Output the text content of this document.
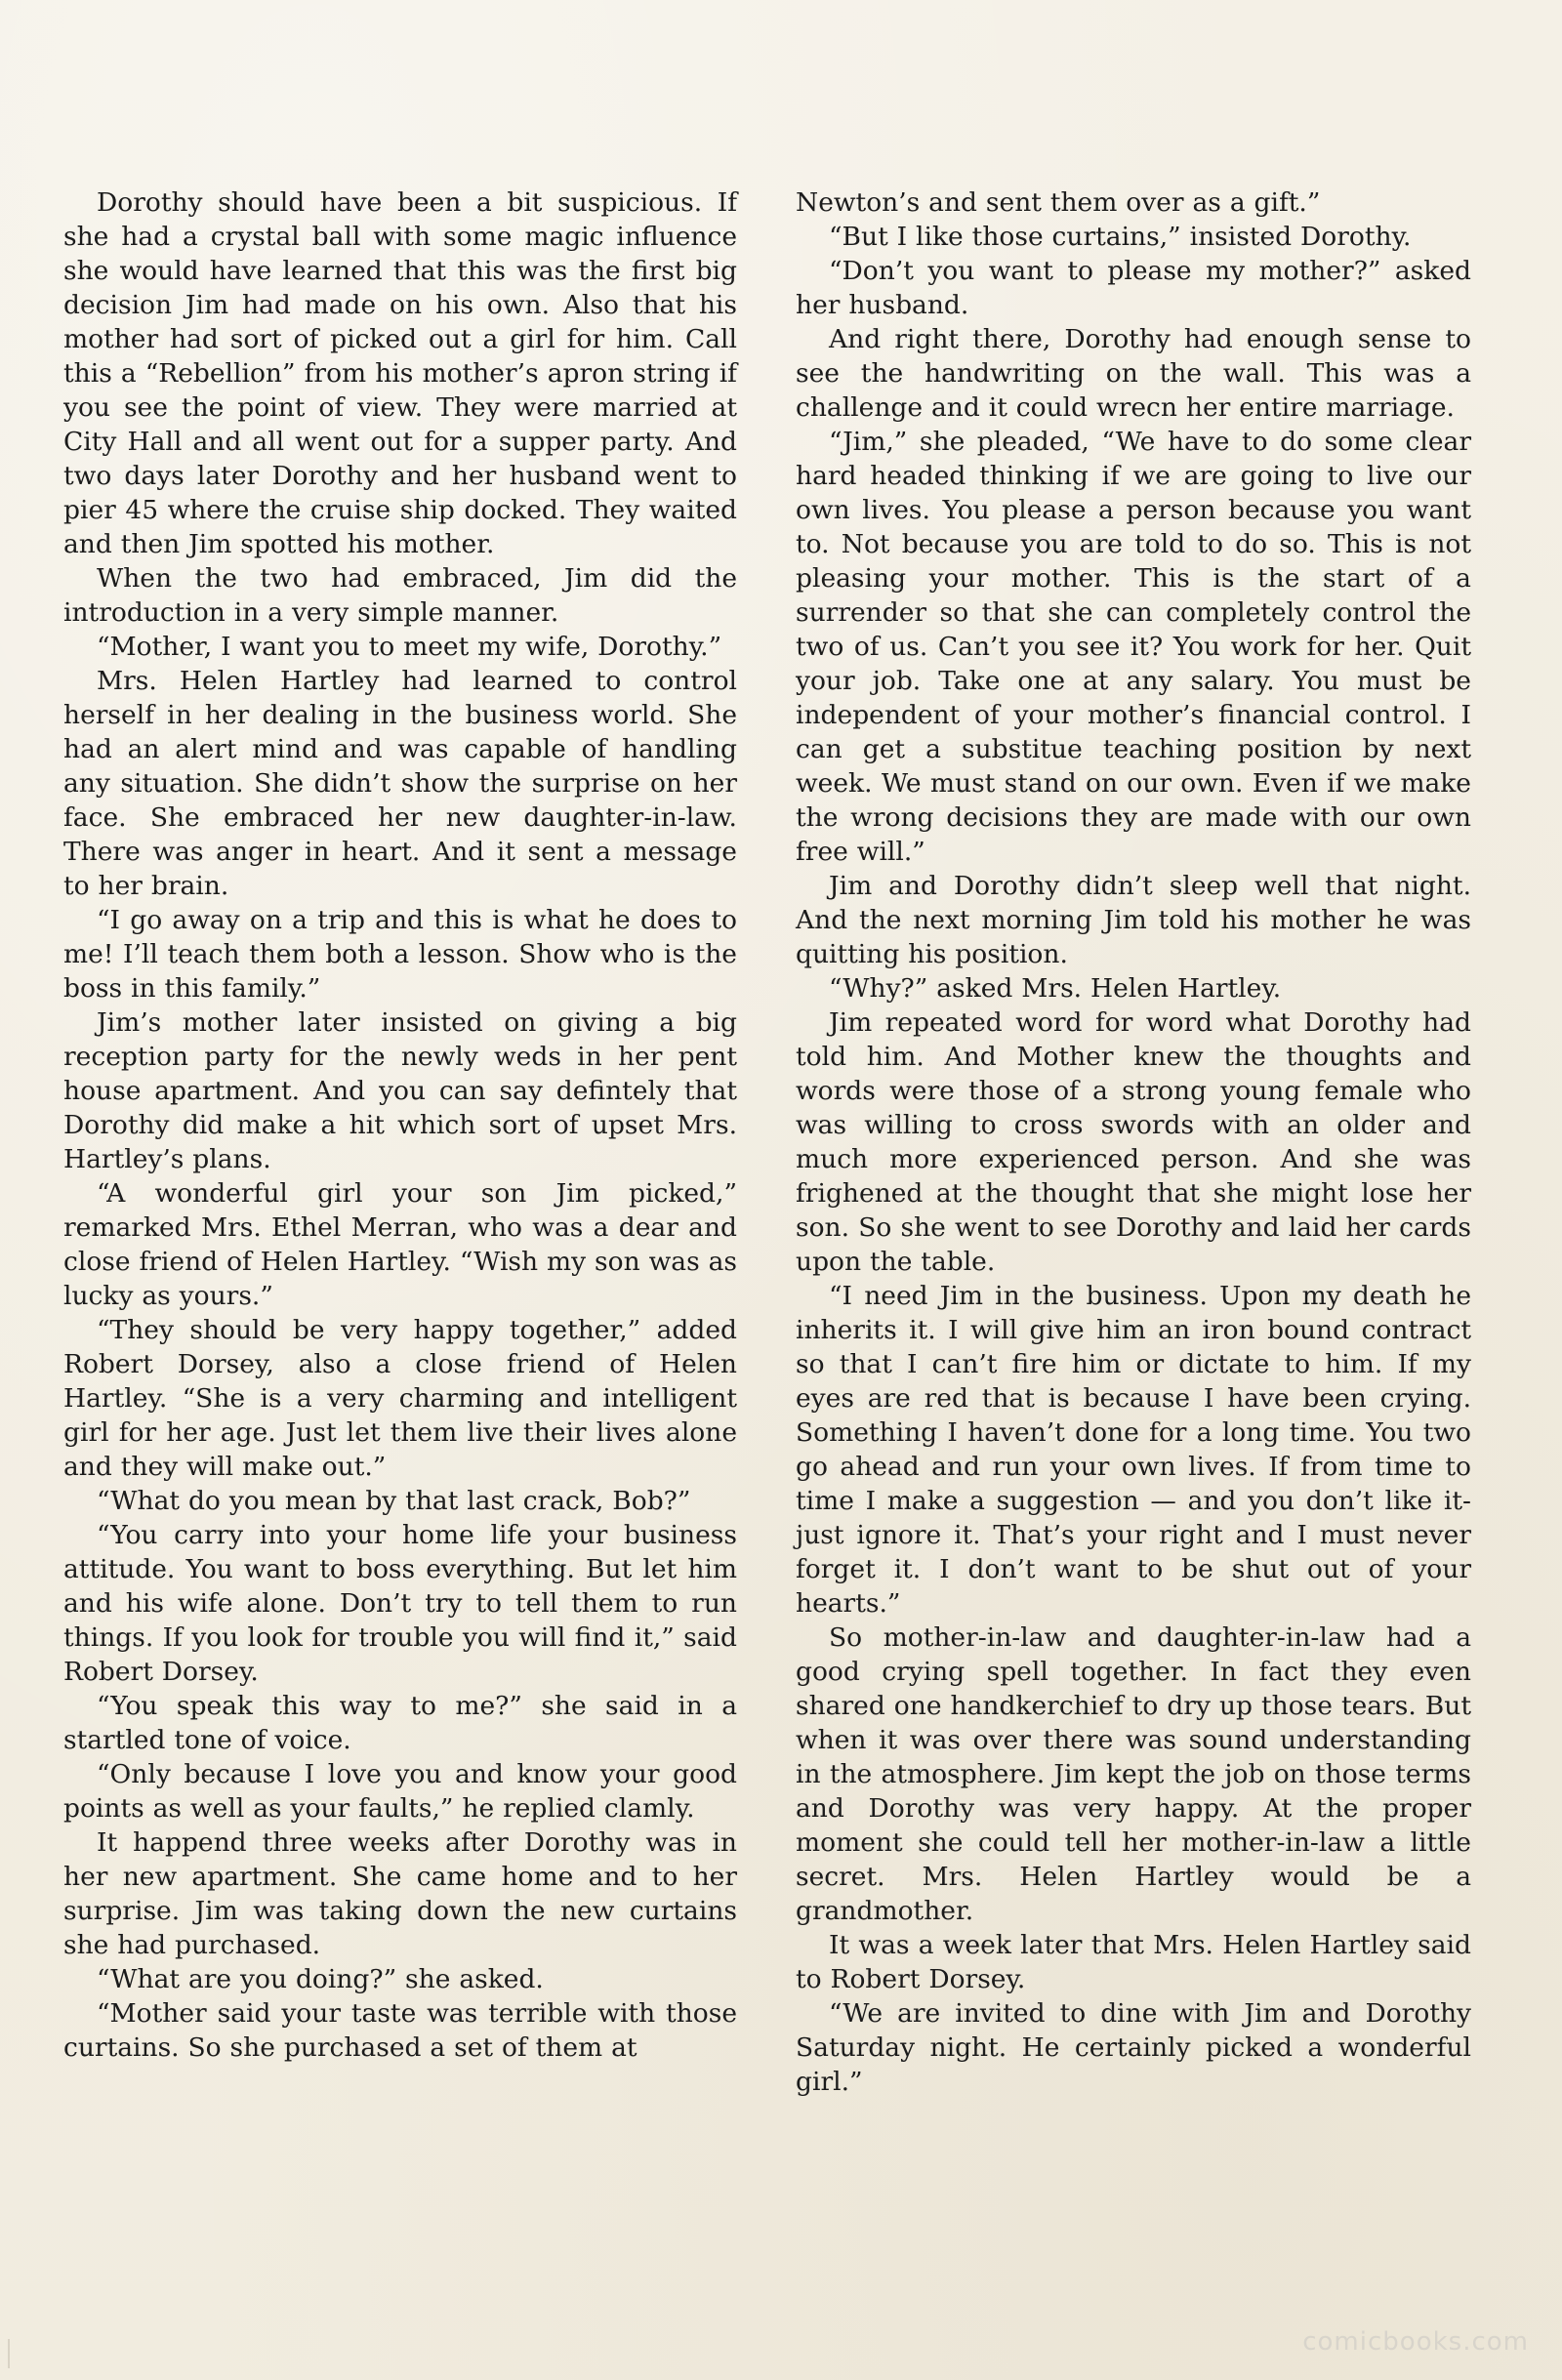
Dorothy should have been a bit suspicious. If she had a crystal ball with some magic influence she would have learned that this was the first big decision Jim had made on his own. Also that his mother had sort of picked out a girl for him. Call this a “Rebellion” from his mother’s apron string if you see the point of view. They were married at City Hall and all went out for a supper party. And two days later Dorothy and her husband went to pier 45 where the cruise ship docked. They waited and then Jim spotted his mother.

When the two had embraced, Jim did the introduction in a very simple manner.

“Mother, I want you to meet my wife, Dorothy.”

Mrs. Helen Hartley had learned to control herself in her dealing in the business world. She had an alert mind and was capable of handling any situation. She didn’t show the surprise on her face. She embraced her new daughter-in-law. There was anger in heart. And it sent a message to her brain.

“I go away on a trip and this is what he does to me! I’ll teach them both a lesson. Show who is the boss in this family.”

Jim’s mother later insisted on giving a big reception party for the newly weds in her pent house apartment. And you can say defintely that Dorothy did make a hit which sort of upset Mrs. Hartley’s plans.

“A wonderful girl your son Jim picked,” remarked Mrs. Ethel Merran, who was a dear and close friend of Helen Hartley. “Wish my son was as lucky as yours.”

“They should be very happy together,” added Robert Dorsey, also a close friend of Helen Hartley. “She is a very charming and intelligent girl for her age. Just let them live their lives alone and they will make out.”

“What do you mean by that last crack, Bob?”

“You carry into your home life your business attitude. You want to boss everything. But let him and his wife alone. Don’t try to tell them to run things. If you look for trouble you will find it,” said Robert Dorsey.

“You speak this way to me?” she said in a startled tone of voice.

“Only because I love you and know your good points as well as your faults,” he replied clamly.

It happend three weeks after Dorothy was in her new apartment. She came home and to her surprise. Jim was taking down the new curtains she had purchased.

“What are you doing?” she asked.

“Mother said your taste was terrible with those curtains. So she purchased a set of them at

Newton’s and sent them over as a gift.”

“But I like those curtains,” insisted Dorothy.

“Don’t you want to please my mother?” asked her husband.

And right there, Dorothy had enough sense to see the handwriting on the wall. This was a challenge and it could wrecn her entire marriage.

“Jim,” she pleaded, “We have to do some clear hard headed thinking if we are going to live our own lives. You please a person because you want to. Not because you are told to do so. This is not pleasing your mother. This is the start of a surrender so that she can completely control the two of us. Can’t you see it? You work for her. Quit your job. Take one at any salary. You must be independent of your mother’s financial control. I can get a substitue teaching position by next week. We must stand on our own. Even if we make the wrong decisions they are made with our own free will.”

Jim and Dorothy didn’t sleep well that night. And the next morning Jim told his mother he was quitting his position.

“Why?” asked Mrs. Helen Hartley.

Jim repeated word for word what Dorothy had told him. And Mother knew the thoughts and words were those of a strong young female who was willing to cross swords with an older and much more experienced person. And she was frighened at the thought that she might lose her son. So she went to see Dorothy and laid her cards upon the table.

“I need Jim in the business. Upon my death he inherits it. I will give him an iron bound contract so that I can’t fire him or dictate to him. If my eyes are red that is because I have been crying. Something I haven’t done for a long time. You two go ahead and run your own lives. If from time to time I make a suggestion — and you don’t like it-just ignore it. That’s your right and I must never forget it. I don’t want to be shut out of your hearts.”

So mother-in-law and daughter-in-law had a good crying spell together. In fact they even shared one handkerchief to dry up those tears. But when it was over there was sound understanding in the atmosphere. Jim kept the job on those terms and Dorothy was very happy. At the proper moment she could tell her mother-in-law a little secret. Mrs. Helen Hartley would be a grandmother.

It was a week later that Mrs. Helen Hartley said to Robert Dorsey.

“We are invited to dine with Jim and Dorothy Saturday night. He certainly picked a wonderful girl.”

comicbooks.com
